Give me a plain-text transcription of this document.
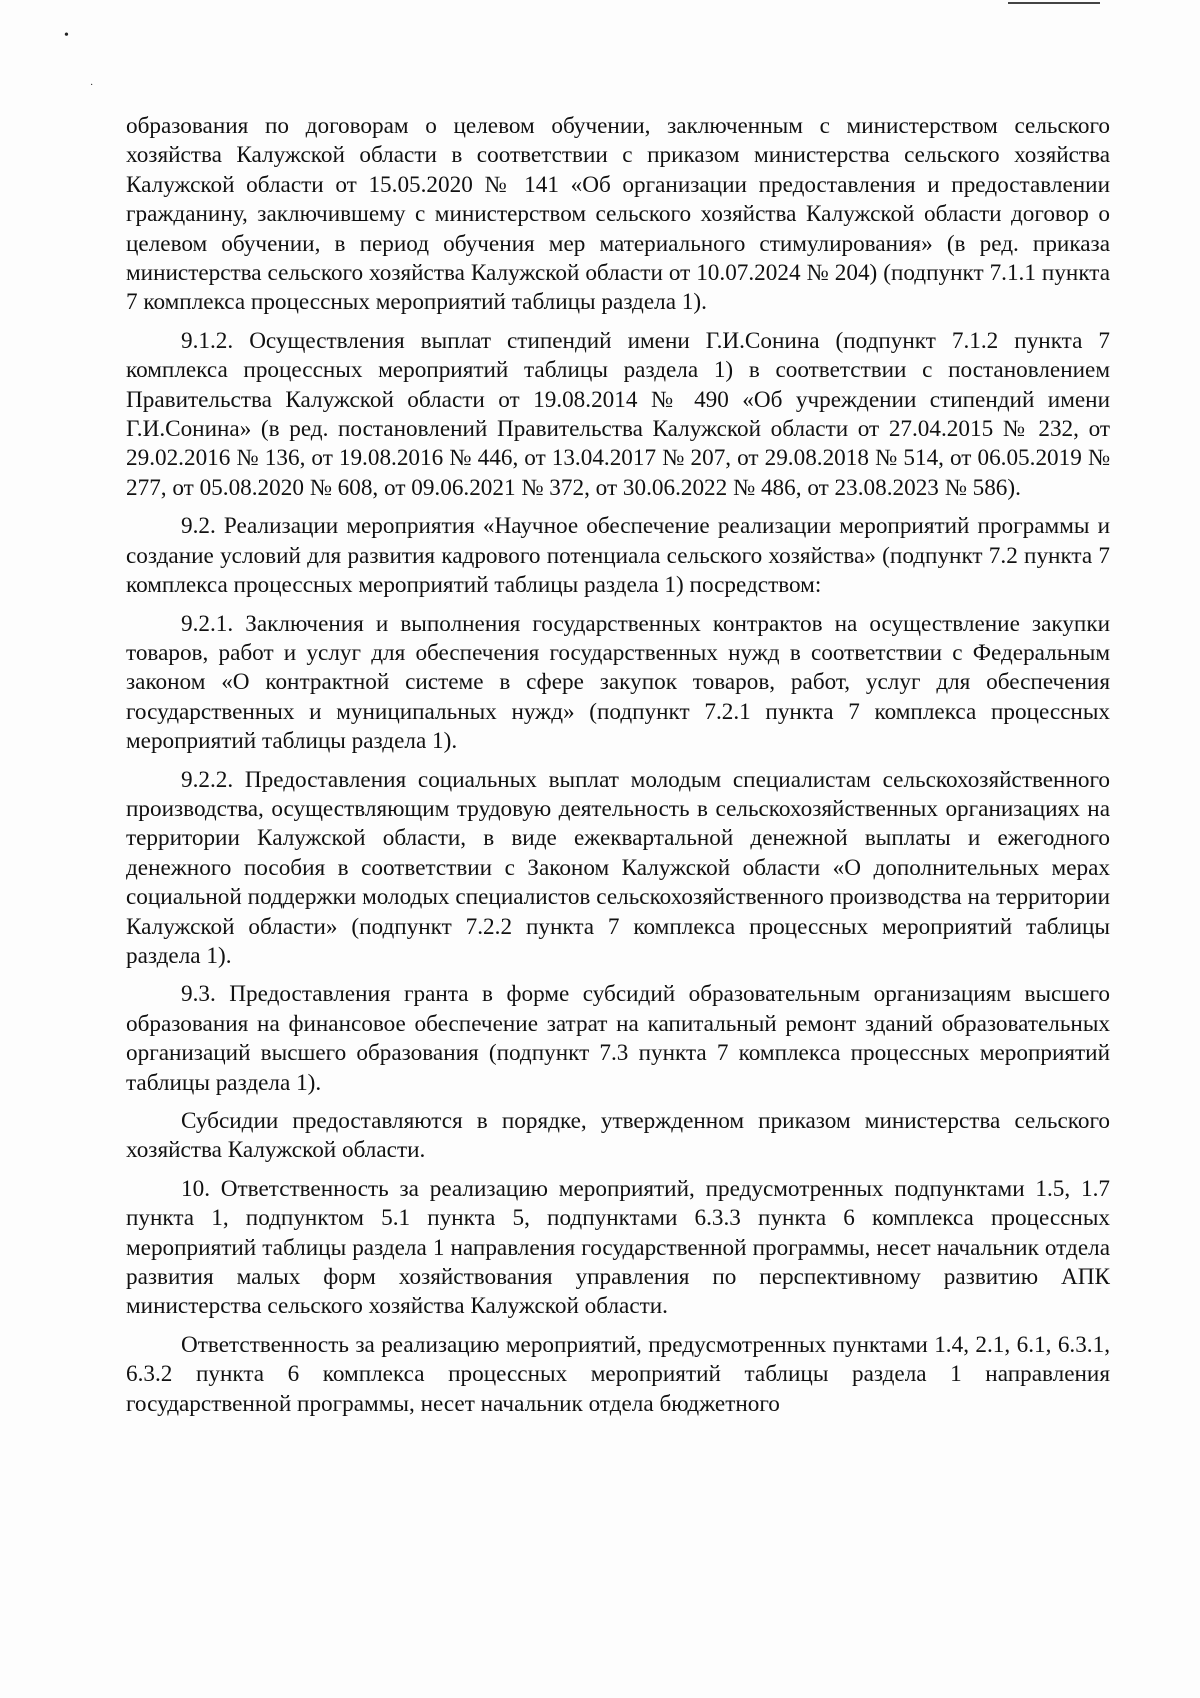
•
·

образования по договорам о целевом обучении, заключенным с министерством сельского хозяйства Калужской области в соответствии с приказом министерства сельского хозяйства Калужской области от 15.05.2020 № 141 «Об организации предоставления и предоставлении гражданину, заключившему с министерством сельского хозяйства Калужской области договор о целевом обучении, в период обучения мер материального стимулирования» (в ред. приказа министерства сельского хозяйства Калужской области от 10.07.2024 № 204) (подпункт 7.1.1 пункта 7 комплекса процессных мероприятий таблицы раздела 1).

9.1.2. Осуществления выплат стипендий имени Г.И.Сонина (подпункт 7.1.2 пункта 7 комплекса процессных мероприятий таблицы раздела 1) в соответствии с постановлением Правительства Калужской области от 19.08.2014 № 490 «Об учреждении стипендий имени Г.И.Сонина» (в ред. постановлений Правительства Калужской области от 27.04.2015 № 232, от 29.02.2016 № 136, от 19.08.2016 № 446, от 13.04.2017 № 207, от 29.08.2018 № 514, от 06.05.2019 № 277, от 05.08.2020 № 608, от 09.06.2021 № 372, от 30.06.2022 № 486, от 23.08.2023 № 586).

9.2. Реализации мероприятия «Научное обеспечение реализации мероприятий программы и создание условий для развития кадрового потенциала сельского хозяйства» (подпункт 7.2 пункта 7 комплекса процессных мероприятий таблицы раздела 1) посредством:

9.2.1. Заключения и выполнения государственных контрактов на осуществление закупки товаров, работ и услуг для обеспечения государственных нужд в соответствии с Федеральным законом «О контрактной системе в сфере закупок товаров, работ, услуг для обеспечения государственных и муниципальных нужд» (подпункт 7.2.1 пункта 7 комплекса процессных мероприятий таблицы раздела 1).

9.2.2. Предоставления социальных выплат молодым специалистам сельскохозяйственного производства, осуществляющим трудовую деятельность в сельскохозяйственных организациях на территории Калужской области, в виде ежеквартальной денежной выплаты и ежегодного денежного пособия в соответствии с Законом Калужской области «О дополнительных мерах социальной поддержки молодых специалистов сельскохозяйственного производства на территории Калужской области» (подпункт 7.2.2 пункта 7 комплекса процессных мероприятий таблицы раздела 1).

9.3. Предоставления гранта в форме субсидий образовательным организациям высшего образования на финансовое обеспечение затрат на капитальный ремонт зданий образовательных организаций высшего образования (подпункт 7.3 пункта 7 комплекса процессных мероприятий таблицы раздела 1).

Субсидии предоставляются в порядке, утвержденном приказом министерства сельского хозяйства Калужской области.

10. Ответственность за реализацию мероприятий, предусмотренных подпунктами 1.5, 1.7 пункта 1, подпунктом 5.1 пункта 5, подпунктами 6.3.3 пункта 6 комплекса процессных мероприятий таблицы раздела 1 направления государственной программы, несет начальник отдела развития малых форм хозяйствования управления по перспективному развитию АПК министерства сельского хозяйства Калужской области.

Ответственность за реализацию мероприятий, предусмотренных пунктами 1.4, 2.1, 6.1, 6.3.1, 6.3.2 пункта 6 комплекса процессных мероприятий таблицы раздела 1 направления государственной программы, несет начальник отдела бюджетного
